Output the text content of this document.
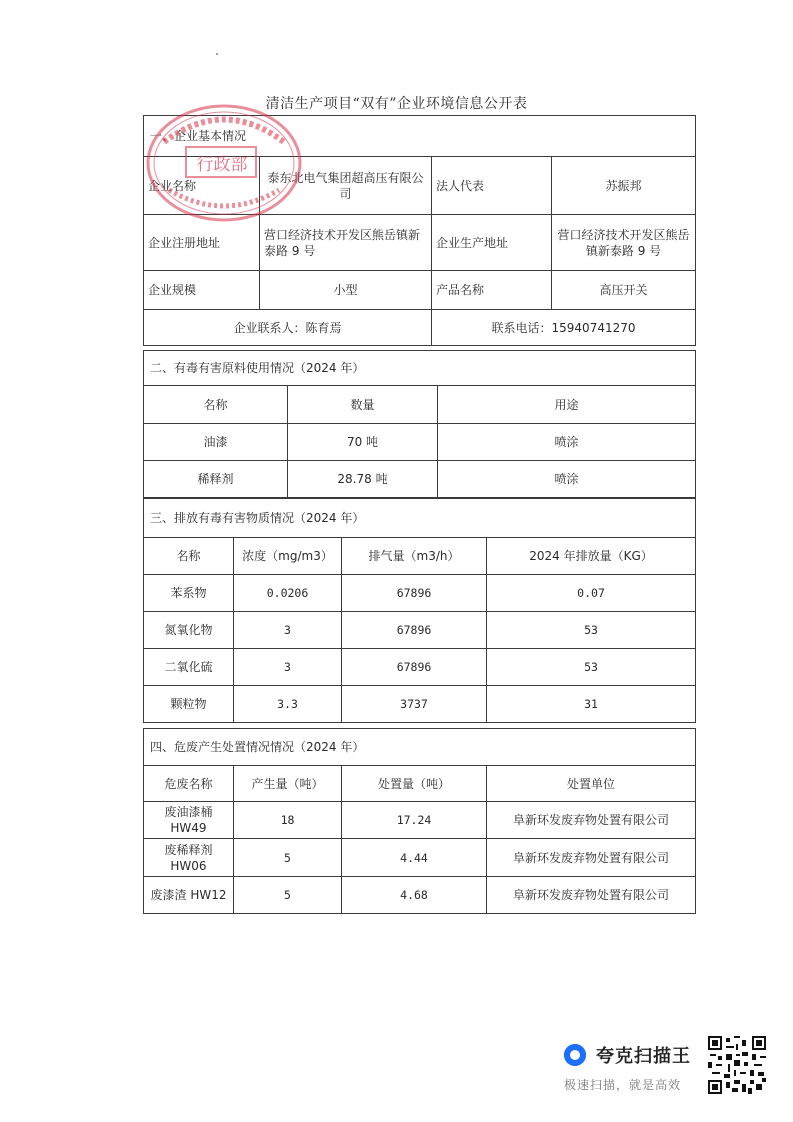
清洁生产项目“双有”企业环境信息公开表
一、企业基本情况			
企业名称	泰东北电气集团超高压有限公司	法人代表	苏振邦
企业注册地址	营口经济技术开发区熊岳镇新泰路 9 号	企业生产地址	营口经济技术开发区熊岳镇新泰路 9 号
企业规模	小型	产品名称	高压开关
企业联系人：陈育焉		联系电话：15940741270	
二、有毒有害原料使用情况（2024 年）		
名称	数量	用途
油漆	70 吨	喷涂
稀释剂	28.78 吨	喷涂
三、排放有毒有害物质情况（2024 年）			
名称	浓度（mg/m3）	排气量（m3/h）	2024 年排放量（KG）
苯系物	0.0206	67896	0.07
氮氧化物	3	67896	53
二氧化硫	3	67896	53
颗粒物	3.3	3737	31
四、危废产生处置情况情况（2024 年）			
危废名称	产生量（吨）	处置量（吨）	处置单位
废油漆桶 HW49	18	17.24	阜新环发废弃物处置有限公司
废稀释剂 HW06	5	4.44	阜新环发废弃物处置有限公司
废漆渣 HW12	5	4.68	阜新环发废弃物处置有限公司
行政部
夸克扫描王
极速扫描，就是高效
